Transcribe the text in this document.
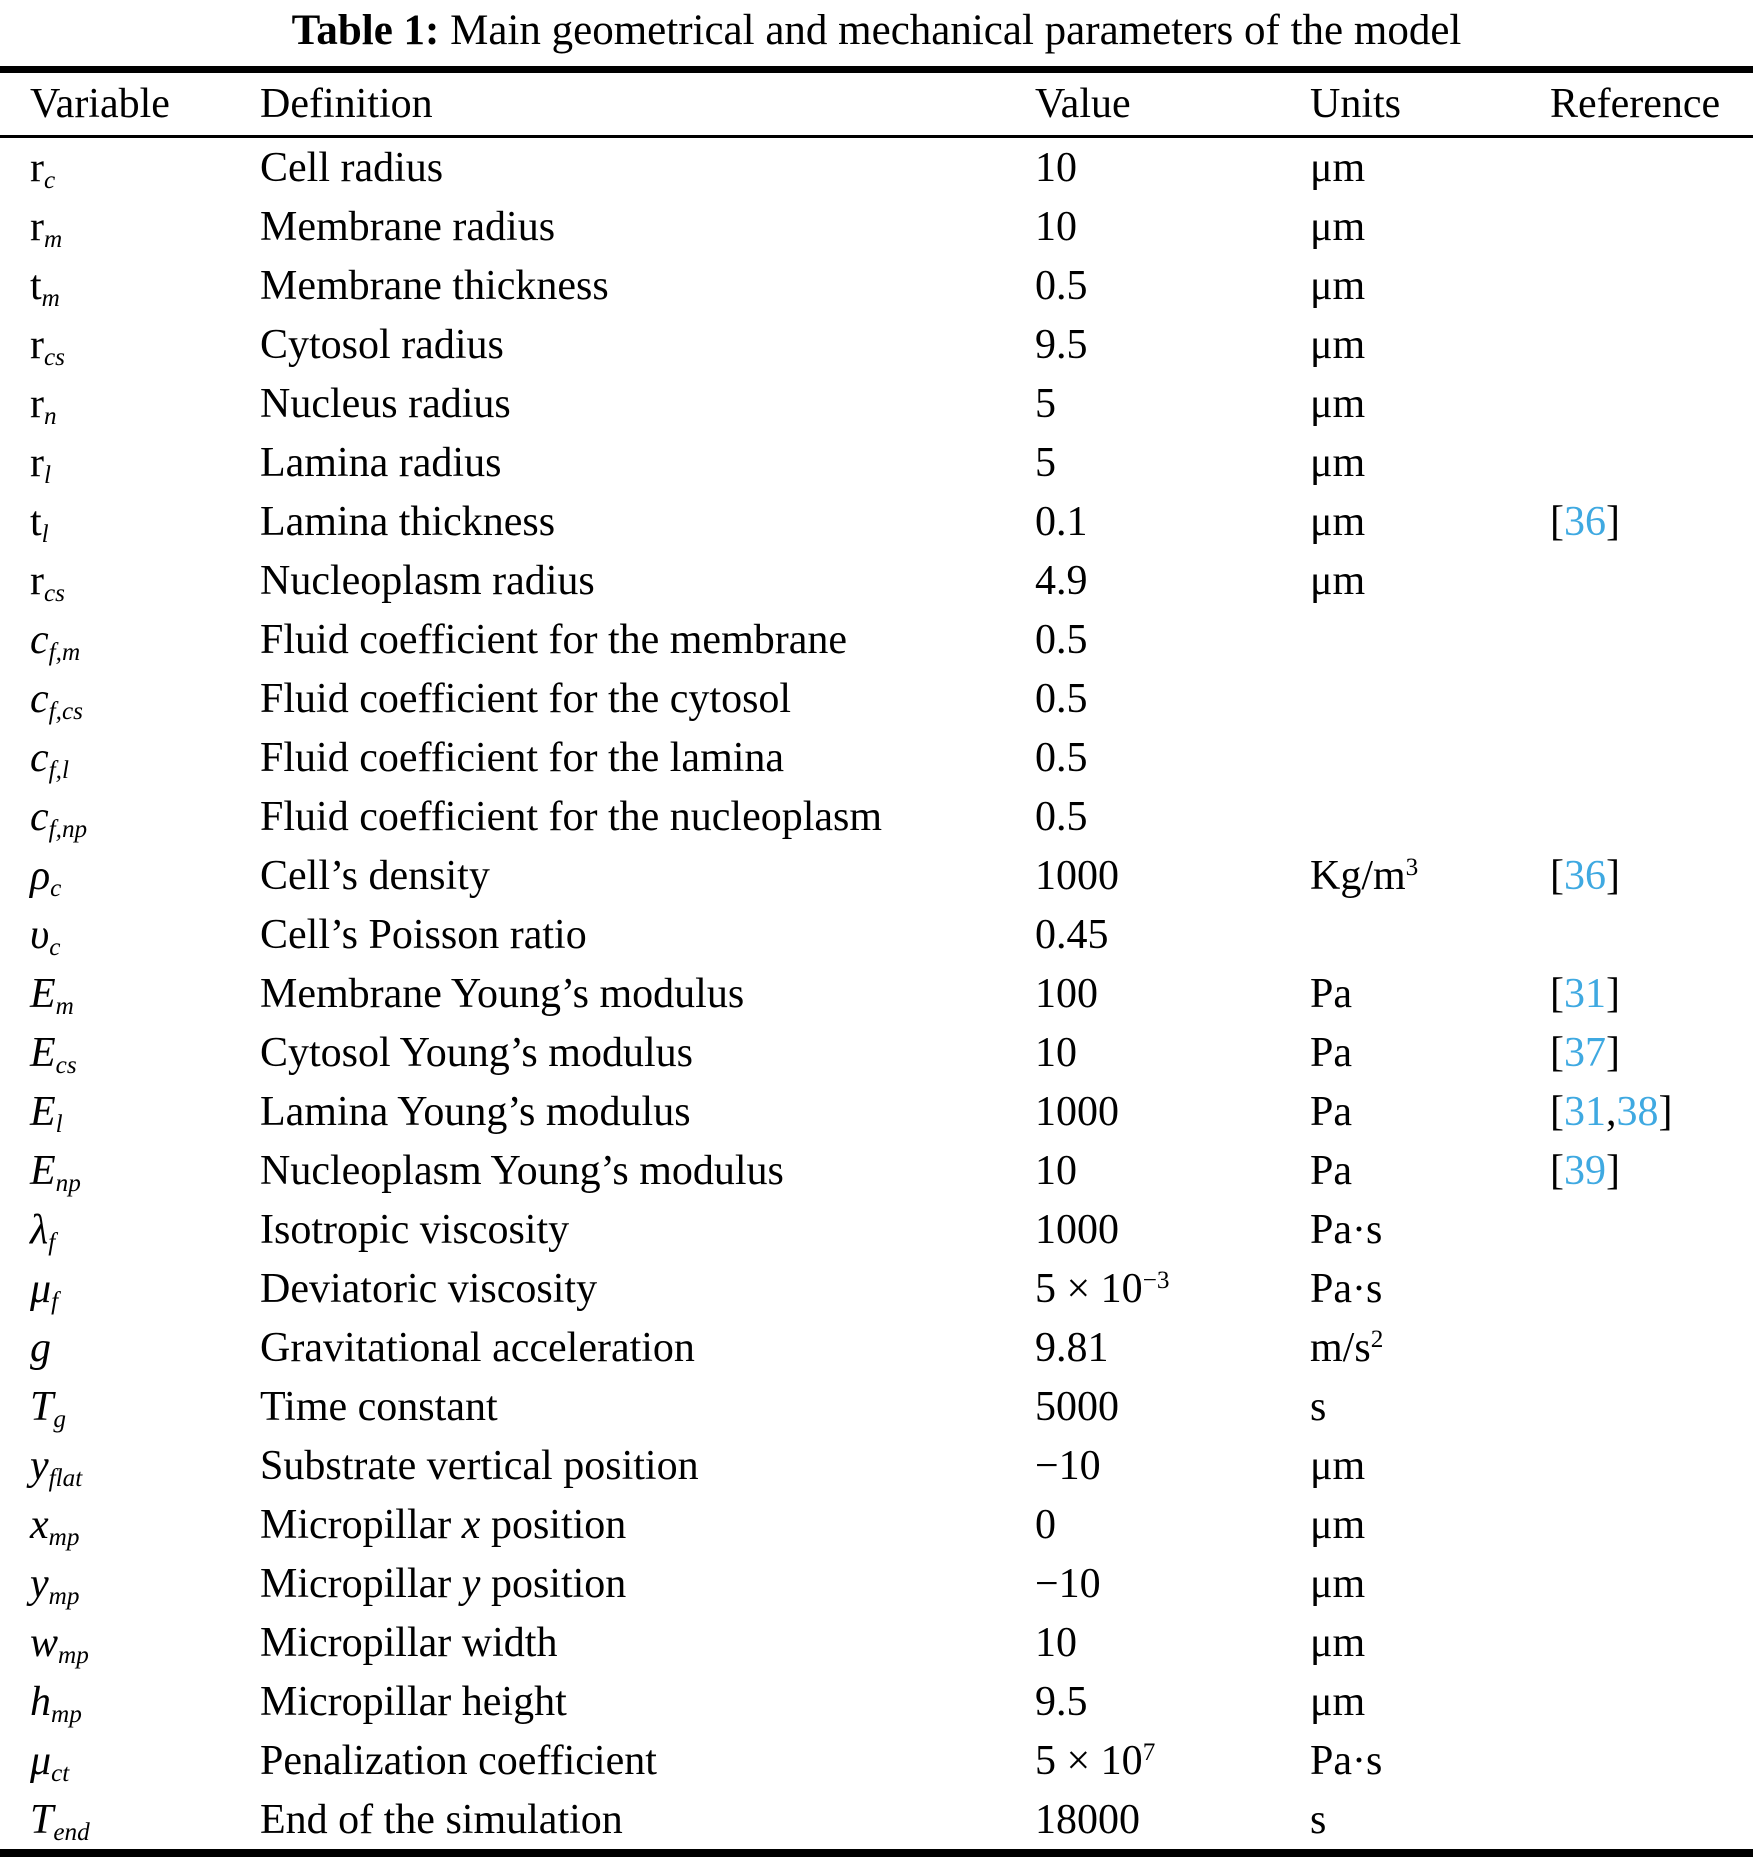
Table 1: Main geometrical and mechanical parameters of the model
Variable	Definition	Value	Units	Reference
rc	Cell radius	10	μm	
rm	Membrane radius	10	μm	
tm	Membrane thickness	0.5	μm	
rcs	Cytosol radius	9.5	μm	
rn	Nucleus radius	5	μm	
rl	Lamina radius	5	μm	
tl	Lamina thickness	0.1	μm	[36]
rcs	Nucleoplasm radius	4.9	μm	
cf,m	Fluid coefficient for the membrane	0.5		
cf,cs	Fluid coefficient for the cytosol	0.5		
cf,l	Fluid coefficient for the lamina	0.5		
cf,np	Fluid coefficient for the nucleoplasm	0.5		
ρc	Cell’s density	1000	$Kg/m^3$	[36]
υc	Cell’s Poisson ratio	0.45		
Em	Membrane Young’s modulus	100	Pa	[31]
Ecs	Cytosol Young’s modulus	10	Pa	[37]
El	Lamina Young’s modulus	1000	Pa	[31,38]
Enp	Nucleoplasm Young’s modulus	10	Pa	[39]
λf	Isotropic viscosity	1000	Pa·s	
μf	Deviatoric viscosity	$5 \times 10^{-3}$	Pa·s	
g	Gravitational acceleration	9.81	$m/s^2$	
Tg	Time constant	5000	s	
yflat	Substrate vertical position	−10	μm	
xmp	Micropillar x position	0	μm	
ymp	Micropillar y position	−10	μm	
wmp	Micropillar width	10	μm	
hmp	Micropillar height	9.5	μm	
μct	Penalization coefficient	$5 \times 10^7$	Pa·s	
Tend	End of the simulation	18000	s	
